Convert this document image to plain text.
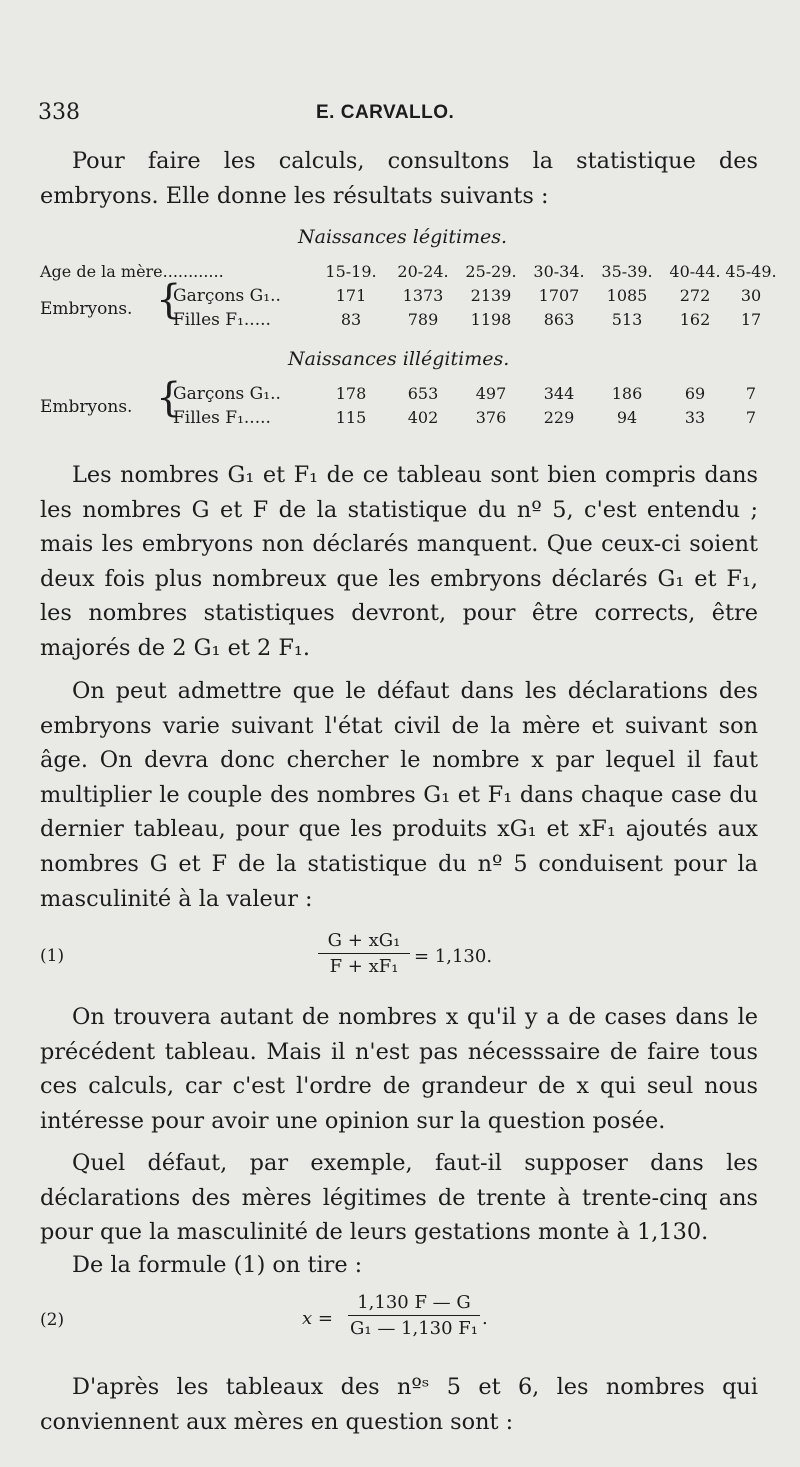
338	E. CARVALLO.

Pour faire les calculs, consultons la statistique des embryons. Elle donne les résultats suivants :

Naissances légitimes.
Age de la mère............	15-19. 20-24. 25-29. 30-34. 35-39. 40-44. 45-49.
Embryons. {
Garçons G₁..	171	1373	2139	1707	1085	272	30
Filles F₁.....	83	789	1198	863	513	162	17
Naissances illégitimes.
Embryons. {
Garçons G₁..	178	653	497	344	186	69	7
Filles F₁.....	115	402	376	229	94	33	7

Les nombres G₁ et F₁ de ce tableau sont bien compris dans les nombres G et F de la statistique du nº 5, c'est entendu ; mais les embryons non déclarés manquent. Que ceux-ci soient deux fois plus nombreux que les embryons déclarés G₁ et F₁, les nombres statistiques devront, pour être corrects, être majorés de 2 G₁ et 2 F₁.

On peut admettre que le défaut dans les déclarations des embryons varie suivant l'état civil de la mère et suivant son âge. On devra donc chercher le nombre x par lequel il faut multiplier le couple des nombres G₁ et F₁ dans chaque case du dernier tableau, pour que les produits xG₁ et xF₁ ajoutés aux nombres G et F de la statistique du nº 5 conduisent pour la masculinité à la valeur :

(1)
G + xG₁
F + xF₁ = 1,130.

On trouvera autant de nombres x qu'il y a de cases dans le précédent tableau. Mais il n'est pas nécesssaire de faire tous ces calculs, car c'est l'ordre de grandeur de x qui seul nous intéresse pour avoir une opinion sur la question posée.

Quel défaut, par exemple, faut-il supposer dans les déclarations des mères légitimes de trente à trente-cinq ans pour que la masculinité de leurs gestations monte à 1,130.

De la formule (1) on tire :

(2)	x =
1,130 F — G
G₁ — 1,130 F₁ .

D'après les tableaux des nºˢ 5 et 6, les nombres qui conviennent aux mères en question sont :
